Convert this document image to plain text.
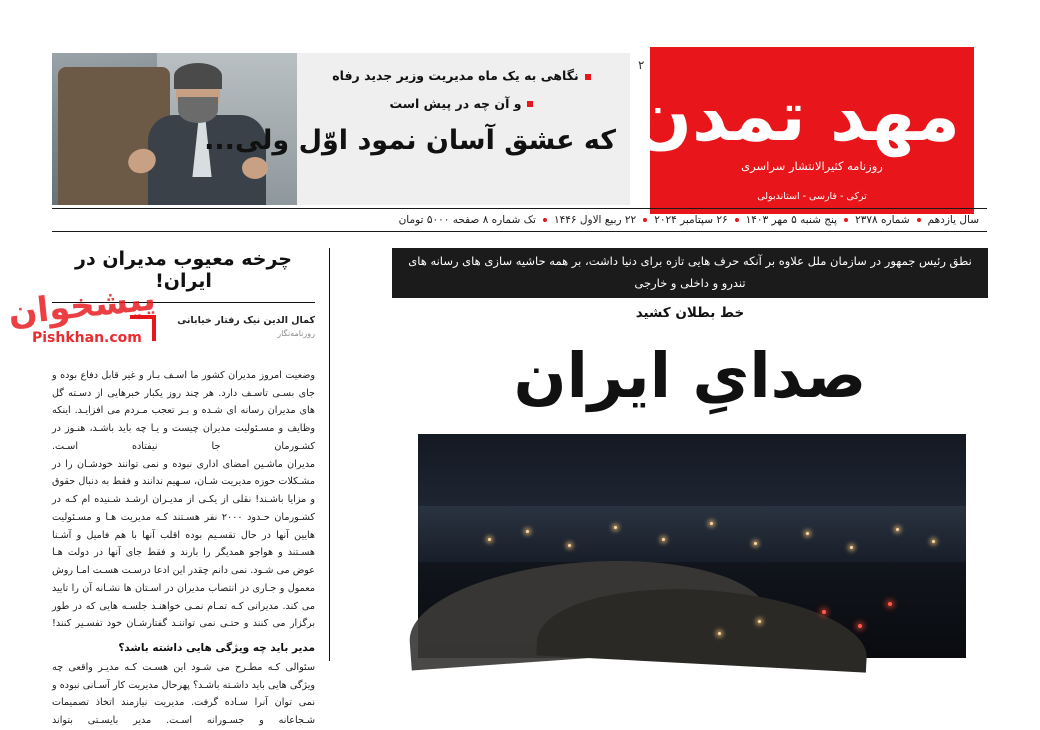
روزنامه کثیرالانتشار سراسری
مهد تمدن
ترکی - فارسی - استاندبولی
۲
نگاهی به یک ماه مدیریت وزیر جدید رفاه
و آن چه در پیش است
که عشق آسان نمود اوّل ولی...
سال یازدهم
شماره ۲۳۷۸
پنج شنبه ۵ مهر ۱۴۰۳
۲۶ سپتامبر ۲۰۲۴
۲۲ ربیع الاول ۱۴۴۶
تک شماره ۸ صفحه ۵۰۰۰ تومان
نطق رئیس جمهور در سازمان ملل علاوه بر آنکه حرف هایی تازه برای دنیا داشت، بر همه حاشیه سازی های رسانه های تندرو و داخلی و خارجی
خط بطلان کشید
صدایِ ایران
چرخه معیوب مدیران در ایران!
کمال الدین نیک رفتار خیابانی
روزنامه‌نگار

وضعیت امروز مدیران کشور ما اسـف بـار و غیر قابل دفاع بوده و جای بسـی تاسـف دارد. هر چند روز یکبار خبرهایی از دسـته گل های مدیران رسانه ای شـده و بـر تعجب مـردم می افزایـد. اینکه وظایف و مسـئولیت مدیران چیست و یـا چه باید باشـد، هنـوز در کشـورمان جا نیفتاده اسـت.

مدیران ماشـین امضای اداری نبوده و نمی توانند خودشـان را در مشـکلات حوزه مدیریت شـان، سـهیم ندانند و فقط به دنبال حقوق و مزایا باشـند! نقلی از یکـی از مدیـران ارشـد شـنیده ام کـه در کشـورمان حـدود ۲۰۰۰ نفر هسـتند کـه مدیریت هـا و مسـئولیت هایین آنها در حال تقسـیم بوده اقلب آنها با هم فامیل و آشـنا هسـتند و هواجو همدیگر را بارند و فقط جای آنها در دولت هـا عوض می شـود. نمی دانم چقدر این ادعا درسـت هسـت امـا روش معمول و جـاری در انتصاب مدیران در اسـتان ها نشـانه آن را تایید می کند. مدیرانی کـه تمـام نمـی خواهنـد جلسـه هایی که در طور برگزار می کنند و حتـی نمی تواننـد گفتارشـان خود تفسـیر کنند!

مدیر باید چه ویژگی هایی داشته باشد؟

سئوالی کـه مطـرح می شـود این هسـت کـه مدیـر واقعی چه ویژگی هایی باید داشـته باشـد؟ پهرحال مدیریت کار آسـانی نبوده و نمی توان آنرا سـاده گرفت. مدیریت نیازمند اتخاذ تصمیمات شـجاعانه و جسـورانه اسـت. مدیر بایسـتی بتواند

پیشخوان
Pishkhan.com
